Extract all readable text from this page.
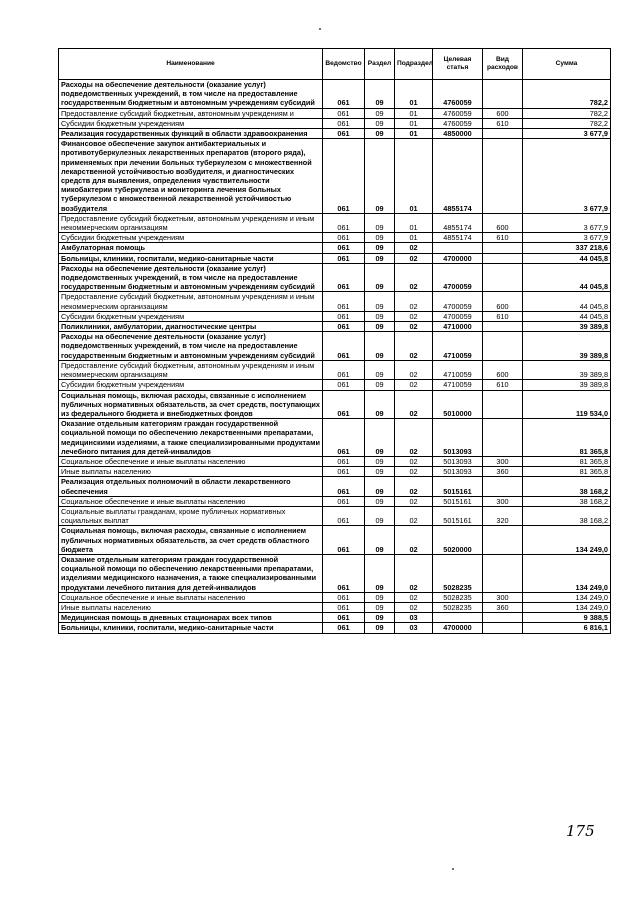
Наименование	Ведомство	Раздел	Подраздел	Целевая статья	Вид расходов	Сумма
Расходы на обеспечение деятельности (оказание услуг) подведомственных учреждений, в том числе на предоставление государственным бюджетным и автономным учреждениям субсидий	061	09	01	4760059		782,2
Предоставление субсидий бюджетным, автономным учреждениям и	061	09	01	4760059	600	782,2
Субсидии бюджетным учреждениям	061	09	01	4760059	610	782,2
Реализация государственных функций в области здравоохранения	061	09	01	4850000		3 677,9
Финансовое обеспечение закупок антибактериальных и противотуберкулезных лекарственных препаратов (второго ряда), применяемых при лечении больных туберкулезом с множественной лекарственной устойчивостью возбудителя, и диагностических средств для выявления, определения чувствительности микобактерии туберкулеза и мониторинга лечения больных туберкулезом с множественной лекарственной устойчивостью возбудителя	061	09	01	4855174		3 677,9
Предоставление субсидий бюджетным, автономным учреждениям и иным некоммерческим организациям	061	09	01	4855174	600	3 677,9
Субсидии бюджетным учреждениям	061	09	01	4855174	610	3 677,9
Амбулаторная помощь	061	09	02			337 218,6
Больницы, клиники, госпитали, медико-санитарные части	061	09	02	4700000		44 045,8
Расходы на обеспечение деятельности (оказание услуг) подведомственных учреждений, в том числе на предоставление государственным бюджетным и автономным учреждениям субсидий	061	09	02	4700059		44 045,8
Предоставление субсидий бюджетным, автономным учреждениям и иным некоммерческим организациям	061	09	02	4700059	600	44 045,8
Субсидии бюджетным учреждениям	061	09	02	4700059	610	44 045,8
Поликлиники, амбулатории, диагностические центры	061	09	02	4710000		39 389,8
Расходы на обеспечение деятельности (оказание услуг) подведомственных учреждений, в том числе на предоставление государственным бюджетным и автономным учреждениям субсидий	061	09	02	4710059		39 389,8
Предоставление субсидий бюджетным, автономным учреждениям и иным некоммерческим организациям	061	09	02	4710059	600	39 389,8
Субсидии бюджетным учреждениям	061	09	02	4710059	610	39 389,8
Социальная помощь, включая расходы, связанные с исполнением публичных нормативных обязательств, за счет средств, поступающих из федерального бюджета и внебюджетных фондов	061	09	02	5010000		119 534,0
Оказание отдельным категориям граждан государственной социальной помощи по обеспечению лекарственными препаратами, медицинскими изделиями, а также специализированными продуктами лечебного питания для детей-инвалидов	061	09	02	5013093		81 365,8
Социальное обеспечение и иные выплаты населению	061	09	02	5013093	300	81 365,8
Иные выплаты населению	061	09	02	5013093	360	81 365,8
Реализация отдельных полномочий в области лекарственного обеспечения	061	09	02	5015161		38 168,2
Социальное обеспечение и иные выплаты населению	061	09	02	5015161	300	38 168,2
Социальные выплаты гражданам, кроме публичных нормативных социальных выплат	061	09	02	5015161	320	38 168,2
Социальная помощь, включая расходы, связанные с исполнением публичных нормативных обязательств, за счет средств областного бюджета	061	09	02	5020000		134 249,0
Оказание отдельным категориям граждан государственной социальной помощи по обеспечению лекарственными препаратами, изделиями медицинского назначения, а также специализированными продуктами лечебного питания для детей-инвалидов	061	09	02	5028235		134 249,0
Социальное обеспечение и иные выплаты населению	061	09	02	5028235	300	134 249,0
Иные выплаты населению	061	09	02	5028235	360	134 249,0
Медицинская помощь в дневных стационарах всех типов	061	09	03			9 388,5
Больницы, клиники, госпитали, медико-санитарные части	061	09	03	4700000		6 816,1
175
